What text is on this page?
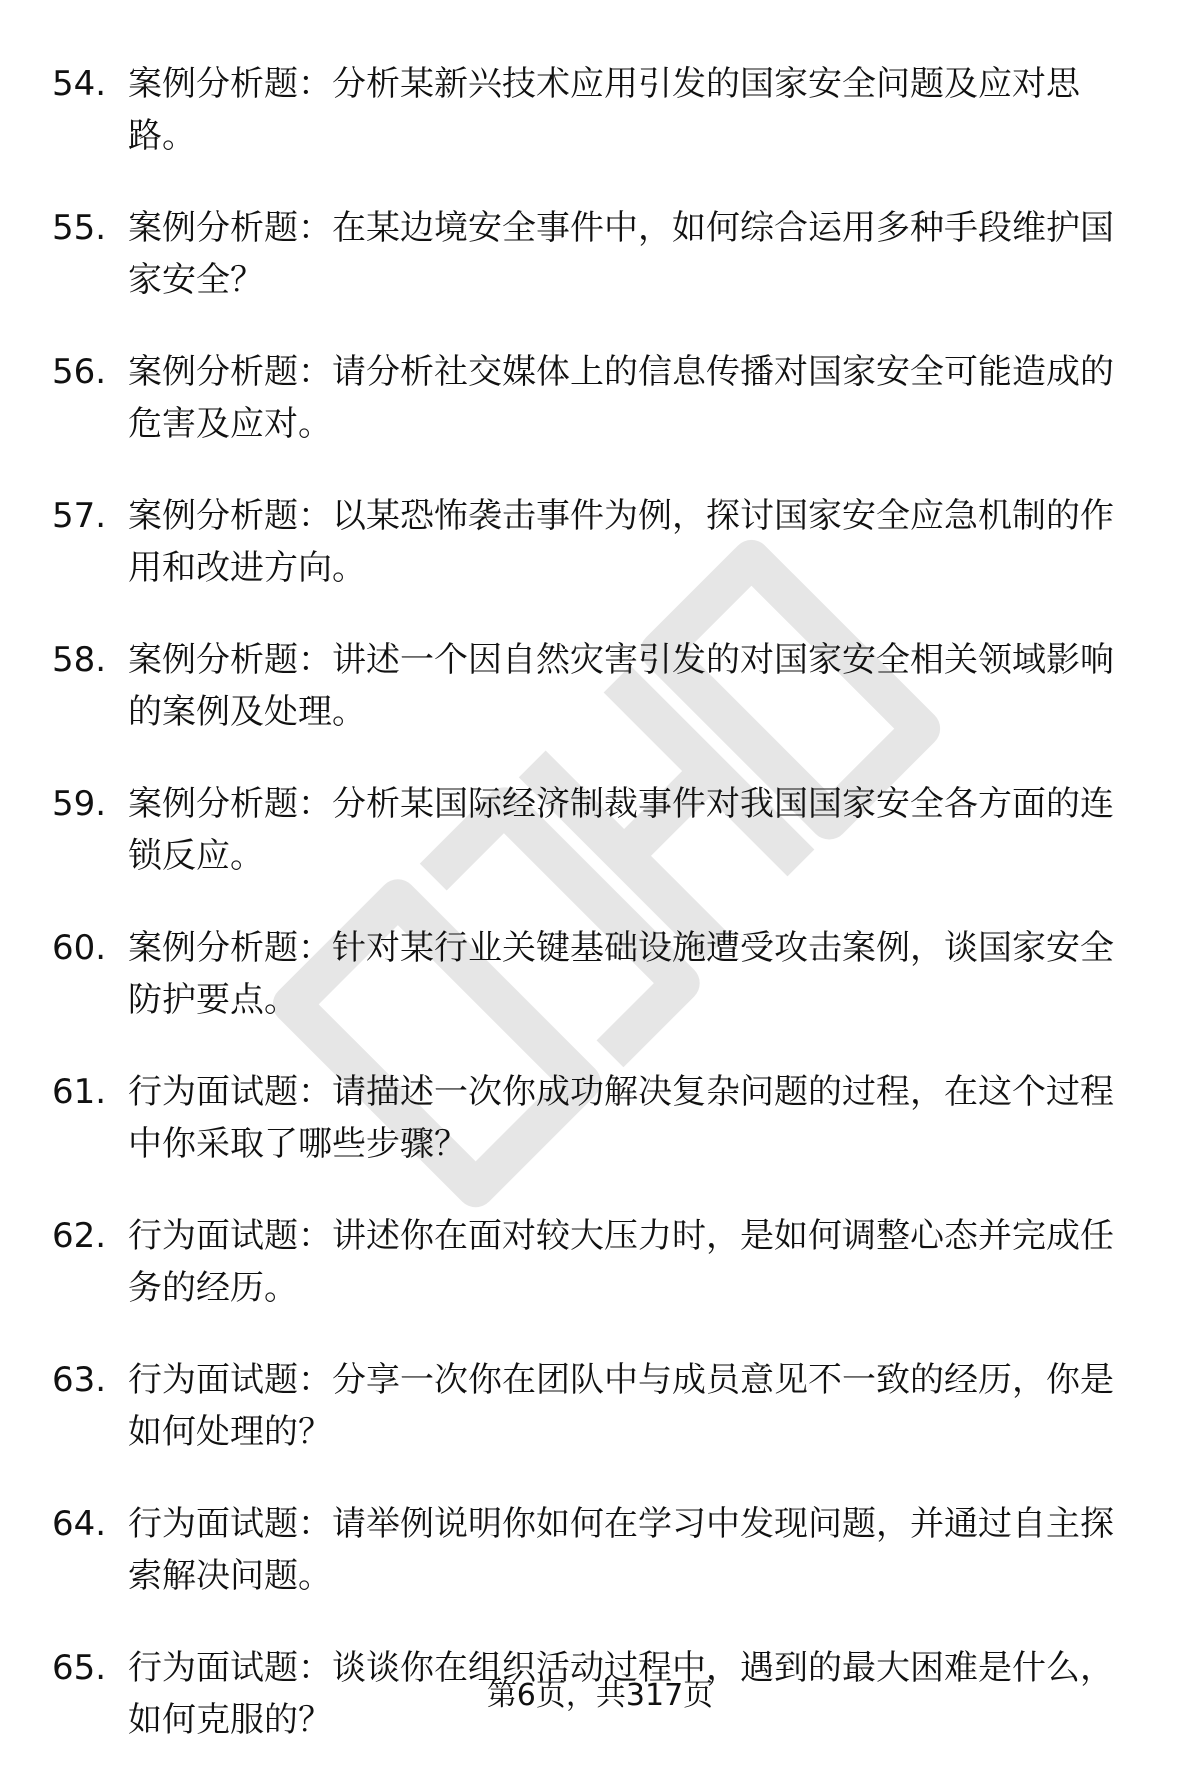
54. 案例分析题：分析某新兴技术应用引发的国家安全问题及应对思路。
55. 案例分析题：在某边境安全事件中，如何综合运用多种手段维护国家安全？
56. 案例分析题：请分析社交媒体上的信息传播对国家安全可能造成的危害及应对。
57. 案例分析题：以某恐怖袭击事件为例，探讨国家安全应急机制的作用和改进方向。
58. 案例分析题：讲述一个因自然灾害引发的对国家安全相关领域影响的案例及处理。
59. 案例分析题：分析某国际经济制裁事件对我国国家安全各方面的连锁反应。
60. 案例分析题：针对某行业关键基础设施遭受攻击案例，谈国家安全防护要点。
61. 行为面试题：请描述一次你成功解决复杂问题的过程，在这个过程中你采取了哪些步骤？
62. 行为面试题：讲述你在面对较大压力时，是如何调整心态并完成任务的经历。
63. 行为面试题：分享一次你在团队中与成员意见不一致的经历，你是如何处理的？
64. 行为面试题：请举例说明你如何在学习中发现问题，并通过自主探索解决问题。
65. 行为面试题：谈谈你在组织活动过程中，遇到的最大困难是什么，如何克服的？
第6页，共317页
